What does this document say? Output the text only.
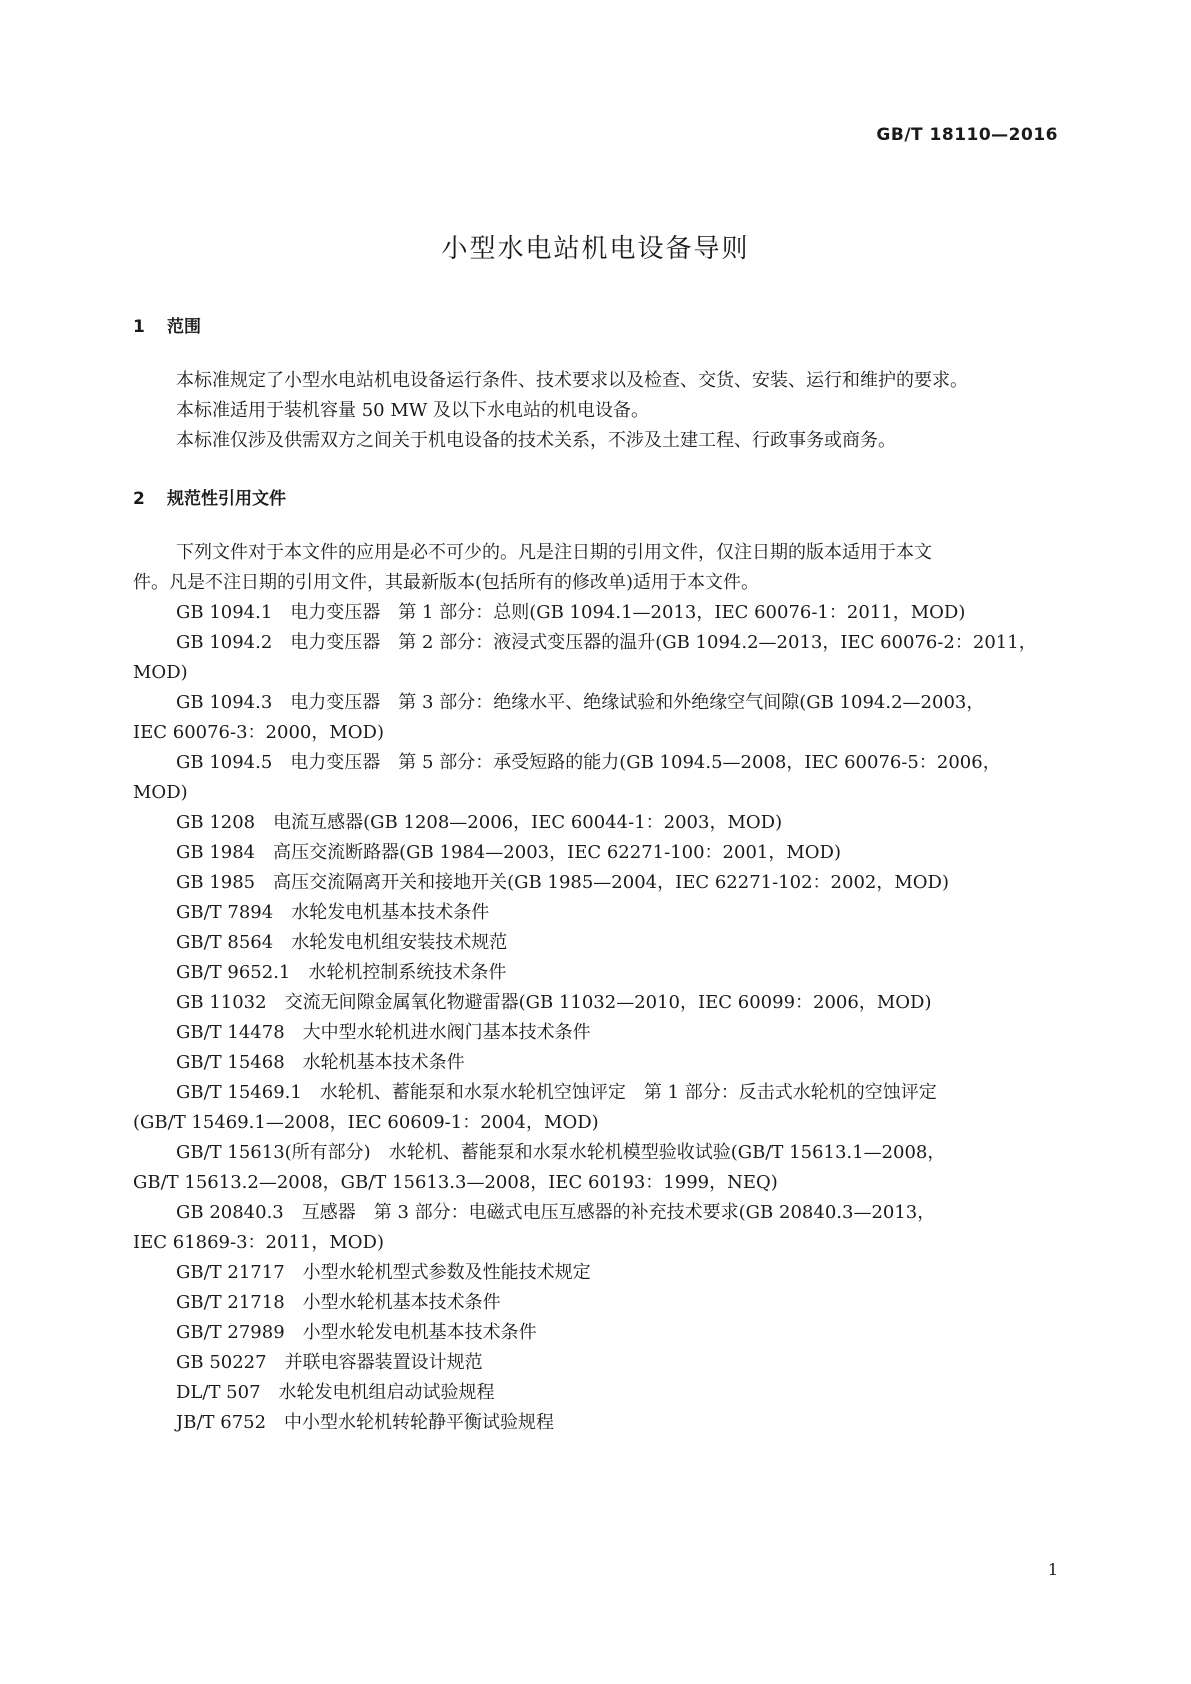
GB/T 18110—2016
小型水电站机电设备导则
1 范围

本标准规定了小型水电站机电设备运行条件、技术要求以及检查、交货、安装、运行和维护的要求。

本标准适用于装机容量 50 MW 及以下水电站的机电设备。

本标准仅涉及供需双方之间关于机电设备的技术关系，不涉及土建工程、行政事务或商务。

2 规范性引用文件

下列文件对于本文件的应用是必不可少的。凡是注日期的引用文件，仅注日期的版本适用于本文

件。凡是不注日期的引用文件，其最新版本(包括所有的修改单)适用于本文件。

GB 1094.1 电力变压器　第 1 部分：总则(GB 1094.1—2013，IEC 60076-1：2011，MOD)

GB 1094.2 电力变压器　第 2 部分：液浸式变压器的温升(GB 1094.2—2013，IEC 60076-2：2011，

MOD)

GB 1094.3 电力变压器　第 3 部分：绝缘水平、绝缘试验和外绝缘空气间隙(GB 1094.2—2003，

IEC 60076-3：2000，MOD)

GB 1094.5 电力变压器　第 5 部分：承受短路的能力(GB 1094.5—2008，IEC 60076-5：2006，

MOD)

GB 1208 电流互感器(GB 1208—2006，IEC 60044-1：2003，MOD)

GB 1984 高压交流断路器(GB 1984—2003，IEC 62271-100：2001，MOD)

GB 1985 高压交流隔离开关和接地开关(GB 1985—2004，IEC 62271-102：2002，MOD)

GB/T 7894 水轮发电机基本技术条件

GB/T 8564 水轮发电机组安装技术规范

GB/T 9652.1 水轮机控制系统技术条件

GB 11032 交流无间隙金属氧化物避雷器(GB 11032—2010，IEC 60099：2006，MOD)

GB/T 14478 大中型水轮机进水阀门基本技术条件

GB/T 15468 水轮机基本技术条件

GB/T 15469.1 水轮机、蓄能泵和水泵水轮机空蚀评定　第 1 部分：反击式水轮机的空蚀评定

(GB/T 15469.1—2008，IEC 60609-1：2004，MOD)

GB/T 15613(所有部分) 水轮机、蓄能泵和水泵水轮机模型验收试验(GB/T 15613.1—2008，

GB/T 15613.2—2008，GB/T 15613.3—2008，IEC 60193：1999，NEQ)

GB 20840.3 互感器　第 3 部分：电磁式电压互感器的补充技术要求(GB 20840.3—2013，

IEC 61869-3：2011，MOD)

GB/T 21717 小型水轮机型式参数及性能技术规定

GB/T 21718 小型水轮机基本技术条件

GB/T 27989 小型水轮发电机基本技术条件

GB 50227 并联电容器装置设计规范

DL/T 507 水轮发电机组启动试验规程

JB/T 6752 中小型水轮机转轮静平衡试验规程

1
